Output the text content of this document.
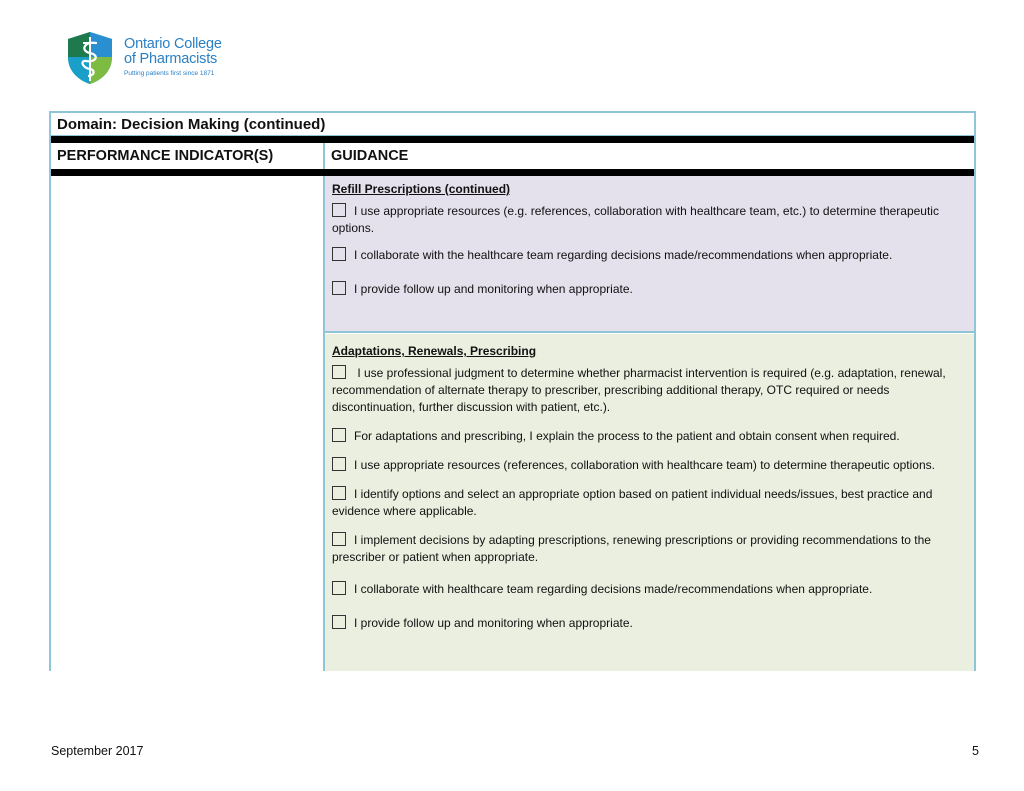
Ontario College
of Pharmacists
Putting patients first since 1871
Domain: Decision Making (continued)
PERFORMANCE INDICATOR(S)	GUIDANCE
Refill Prescriptions (continued)
I use appropriate resources (e.g. references, collaboration with healthcare team, etc.) to determine therapeutic options.
I collaborate with the healthcare team regarding decisions made/recommendations when appropriate.
I provide follow up and monitoring when appropriate.
Adaptations, Renewals, Prescribing
I use professional judgment to determine whether pharmacist intervention is required (e.g. adaptation, renewal, recommendation of alternate therapy to prescriber, prescribing additional therapy, OTC required or needs discontinuation, further discussion with patient, etc.).
For adaptations and prescribing, I explain the process to the patient and obtain consent when required.
I use appropriate resources (references, collaboration with healthcare team) to determine therapeutic options.
I identify options and select an appropriate option based on patient individual needs/issues, best practice and evidence where applicable.
I implement decisions by adapting prescriptions, renewing prescriptions or providing recommendations to the prescriber or patient when appropriate.
I collaborate with healthcare team regarding decisions made/recommendations when appropriate.
I provide follow up and monitoring when appropriate.
September 2017	5
